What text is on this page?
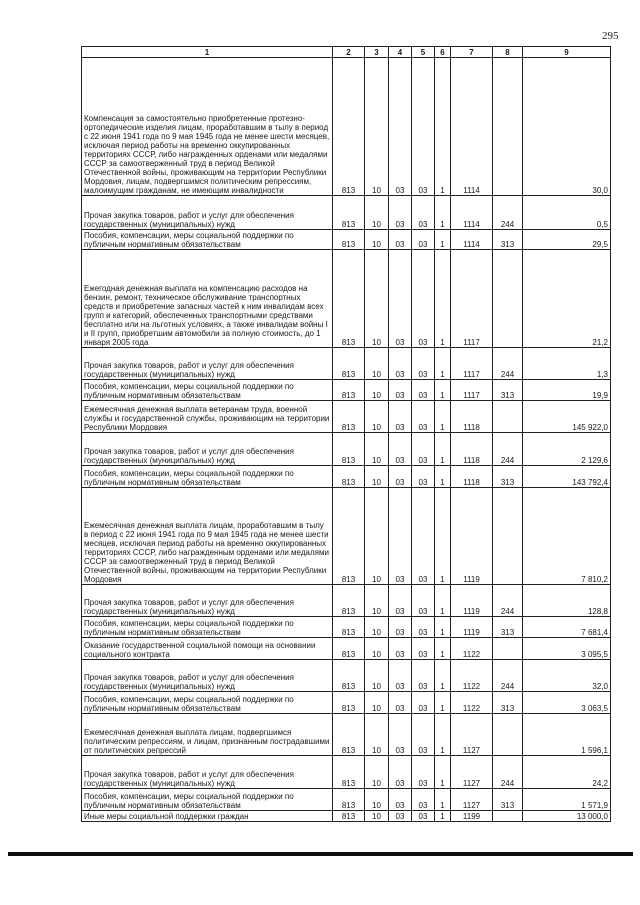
295
1	2	3	4	5	6	7	8	9
Компенсация за самостоятельно приобретенные протезно-ортопедические изделия лицам, проработавшим в тылу в период с 22 июня 1941 года по 9 мая 1945 года не менее шести месяцев, исключая период работы на временно оккупированных территориях СССР, либо награжденных орденами или медалями СССР за самоотверженный труд в период Великой Отечественной войны, проживающим на территории Республики Мордовия, лицам, подвергшимся политическим репрессиям, малоимущим гражданам, не имеющим инвалидности	813	10	03	03	1	1114		30,0
Прочая закупка товаров, работ и услуг для обеспечения государственных (муниципальных) нужд	813	10	03	03	1	1114	244	0,5
Пособия, компенсации, меры социальной поддержки по публичным нормативным обязательствам	813	10	03	03	1	1114	313	29,5
Ежегодная денежная выплата на компенсацию расходов на бензин, ремонт, техническое обслуживание транспортных средств и приобретение запасных частей к ним инвалидам всех групп и категорий, обеспеченных транспортными средствами бесплатно или на льготных условиях, а также инвалидам войны I и II групп, приобретшим автомобили за полную стоимость, до 1 января 2005 года	813	10	03	03	1	1117		21,2
Прочая закупка товаров, работ и услуг для обеспечения государственных (муниципальных) нужд	813	10	03	03	1	1117	244	1,3
Пособия, компенсации, меры социальной поддержки по публичным нормативным обязательствам	813	10	03	03	1	1117	313	19,9
Ежемесячная денежная выплата ветеранам труда, военной службы и государственной службы, проживающим на территории Республики Мордовия	813	10	03	03	1	1118		145 922,0
Прочая закупка товаров, работ и услуг для обеспечения государственных (муниципальных) нужд	813	10	03	03	1	1118	244	2 129,6
Пособия, компенсации, меры социальной поддержки по публичным нормативным обязательствам	813	10	03	03	1	1118	313	143 792,4
Ежемесячная денежная выплата лицам, проработавшим в тылу в период с 22 июня 1941 года по 9 мая 1945 года не менее шести месяцев, исключая период работы на временно оккупированных территориях СССР, либо награжденным орденами или медалями СССР за самоотверженный труд в период Великой Отечественной войны, проживающим на территории Республики Мордовия	813	10	03	03	1	1119		7 810,2
Прочая закупка товаров, работ и услуг для обеспечения государственных (муниципальных) нужд	813	10	03	03	1	1119	244	128,8
Пособия, компенсации, меры социальной поддержки по публичным нормативным обязательствам	813	10	03	03	1	1119	313	7 681,4
Оказание государственной социальной помощи на основании социального контракта	813	10	03	03	1	1122		3 095,5
Прочая закупка товаров, работ и услуг для обеспечения государственных (муниципальных) нужд	813	10	03	03	1	1122	244	32,0
Пособия, компенсации, меры социальной поддержки по публичным нормативным обязательствам	813	10	03	03	1	1122	313	3 063,5
Ежемесячная денежная выплата лицам, подвергшимся политическим репрессиям, и лицам, признанным пострадавшими от политических репрессий	813	10	03	03	1	1127		1 596,1
Прочая закупка товаров, работ и услуг для обеспечения государственных (муниципальных) нужд	813	10	03	03	1	1127	244	24,2
Пособия, компенсации, меры социальной поддержки по публичным нормативным обязательствам	813	10	03	03	1	1127	313	1 571,9
Иные меры социальной поддержки граждан	813	10	03	03	1	1199		13 000,0
